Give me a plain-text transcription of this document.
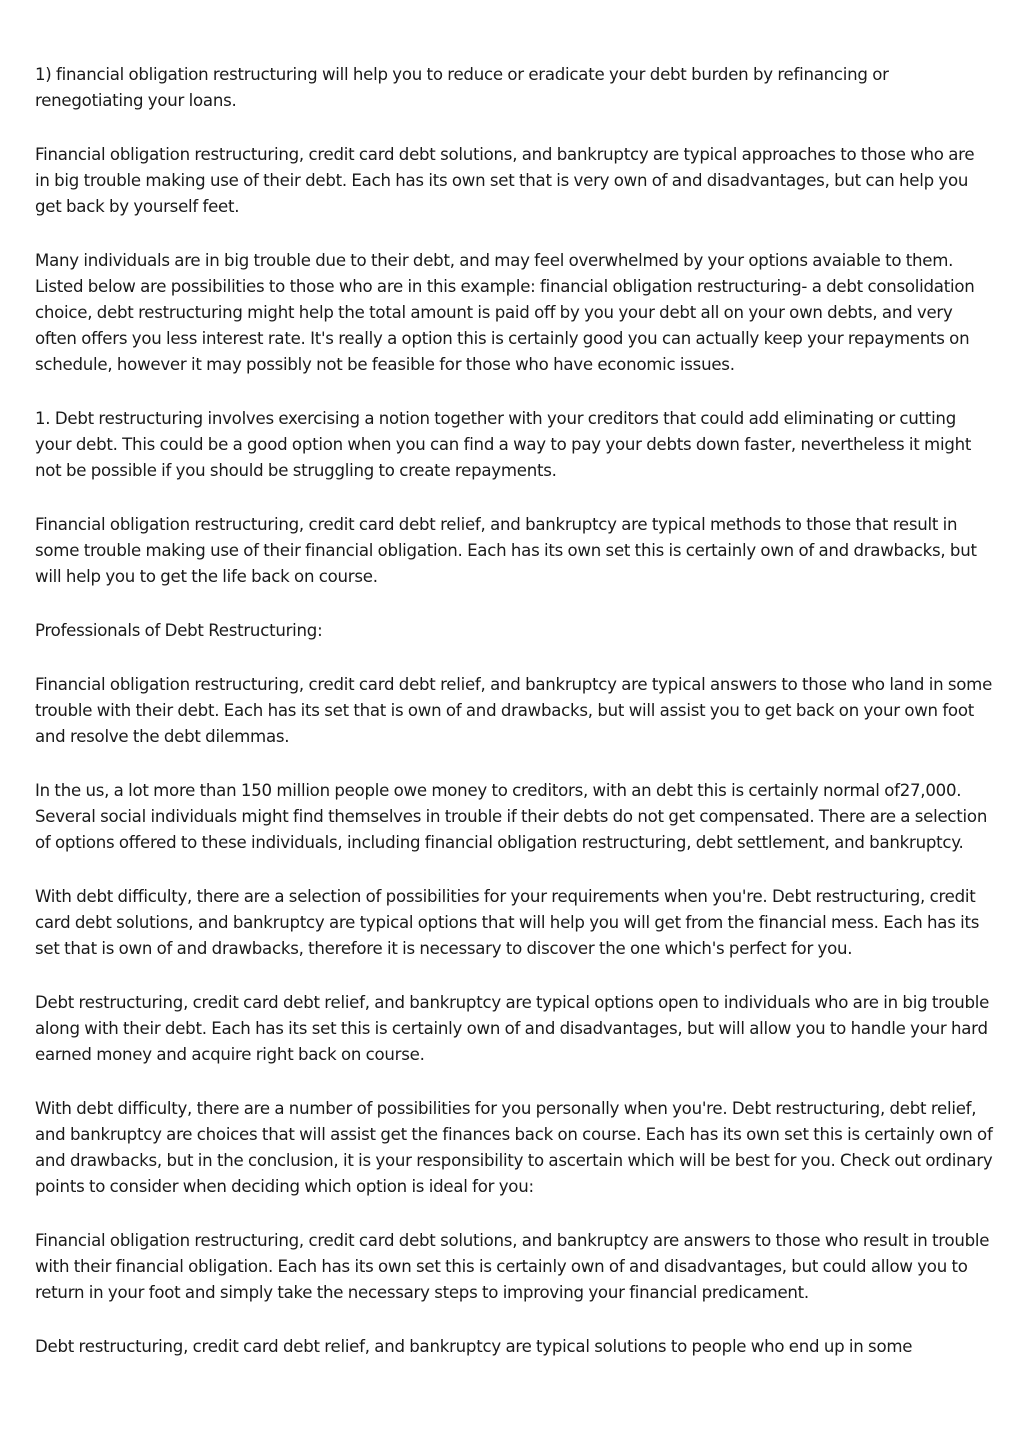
1) financial obligation restructuring will help you to reduce or eradicate your debt burden by refinancing or renegotiating your loans.

Financial obligation restructuring, credit card debt solutions, and bankruptcy are typical approaches to those who are in big trouble making use of their debt. Each has its own set that is very own of and disadvantages, but can help you get back by yourself feet.

Many individuals are in big trouble due to their debt, and may feel overwhelmed by your options avaiable to them. Listed below are possibilities to those who are in this example: financial obligation restructuring- a debt consolidation choice, debt restructuring might help the total amount is paid off by you your debt all on your own debts, and very often offers you less interest rate. It's really a option this is certainly good you can actually keep your repayments on schedule, however it may possibly not be feasible for those who have economic issues.

1. Debt restructuring involves exercising a notion together with your creditors that could add eliminating or cutting your debt. This could be a good option when you can find a way to pay your debts down faster, nevertheless it might not be possible if you should be struggling to create repayments.

Financial obligation restructuring, credit card debt relief, and bankruptcy are typical methods to those that result in some trouble making use of their financial obligation. Each has its own set this is certainly own of and drawbacks, but will help you to get the life back on course.

Professionals of Debt Restructuring:

Financial obligation restructuring, credit card debt relief, and bankruptcy are typical answers to those who land in some trouble with their debt. Each has its set that is own of and drawbacks, but will assist you to get back on your own foot and resolve the debt dilemmas.

In the us, a lot more than 150 million people owe money to creditors, with an debt this is certainly normal of27,000. Several social individuals might find themselves in trouble if their debts do not get compensated. There are a selection of options offered to these individuals, including financial obligation restructuring, debt settlement, and bankruptcy.

With debt difficulty, there are a selection of possibilities for your requirements when you're. Debt restructuring, credit card debt solutions, and bankruptcy are typical options that will help you will get from the financial mess. Each has its set that is own of and drawbacks, therefore it is necessary to discover the one which's perfect for you.

Debt restructuring, credit card debt relief, and bankruptcy are typical options open to individuals who are in big trouble along with their debt. Each has its set this is certainly own of and disadvantages, but will allow you to handle your hard earned money and acquire right back on course.

With debt difficulty, there are a number of possibilities for you personally when you're. Debt restructuring, debt relief, and bankruptcy are choices that will assist get the finances back on course. Each has its own set this is certainly own of and drawbacks, but in the conclusion, it is your responsibility to ascertain which will be best for you. Check out ordinary points to consider when deciding which option is ideal for you:

Financial obligation restructuring, credit card debt solutions, and bankruptcy are answers to those who result in trouble with their financial obligation. Each has its own set this is certainly own of and disadvantages, but could allow you to return in your foot and simply take the necessary steps to improving your financial predicament.

Debt restructuring, credit card debt relief, and bankruptcy are typical solutions to people who end up in some
